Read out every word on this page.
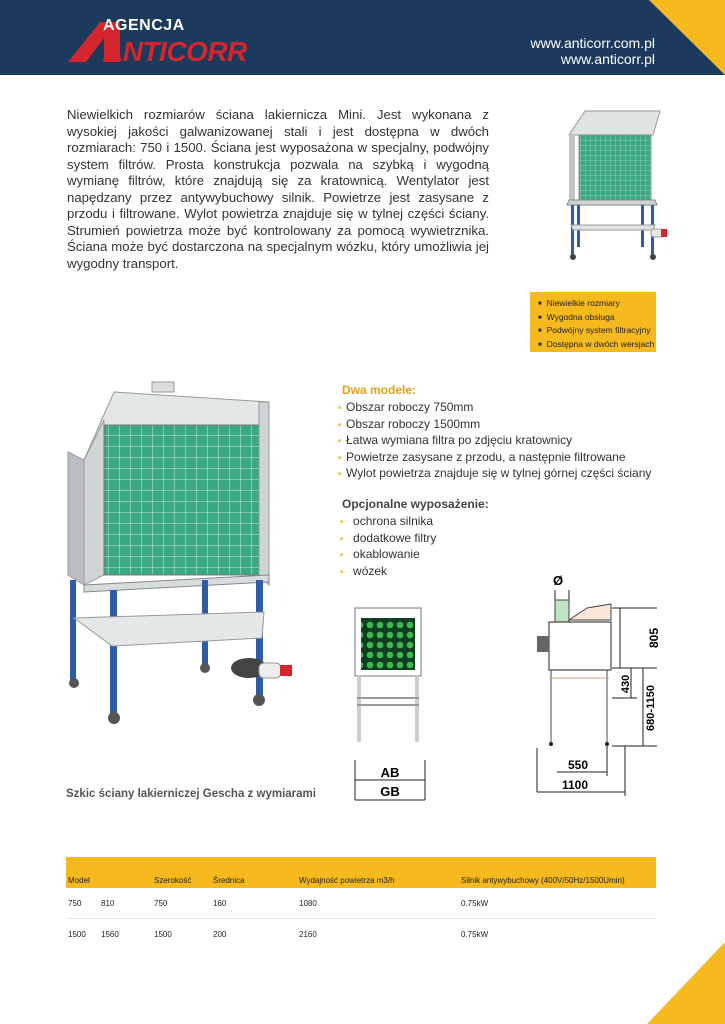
AGENCJA
ANTICORR	www.anticorr.com.pl
www.anticorr.pl
Niewielkich rozmiarów ściana lakiernicza Mini. Jest wykonana z wysokiej jakości galwanizowanej stali i jest dostępna w dwóch rozmiarach: 750 i 1500. Ściana jest wyposażona w specjalny, podwójny system filtrów. Prosta konstrukcja pozwala na szybką i wygodną wymianę filtrów, które znajdują się za kratownicą. Wentylator jest napędzany przez antywybuchowy silnik. Powietrze jest zasysane z przodu i filtrowane. Wylot powietrza znajduje się w tylnej części ściany. Strumień powietrza może być kontrolowany za pomocą wywietrznika. Ściana może być dostarczona na specjalnym wózku, który umożliwia jej wygodny transport.
■ Niewielkie rozmiary
■ Wygodna obsługa
■ Podwójny system filtracyjny
■ Dostępna w dwóch wersjach
Dwa modele:
■ Obszar roboczy 750mm
■ Obszar roboczy 1500mm
■ Łatwa wymiana filtra po zdjęciu kratownicy
■ Powietrze zasysane z przodu, a następnie filtrowane
■ Wylot powietrza znajduje się w tylnej górnej części ściany
Opcjonalne wyposażenie:
■ ochrona silnika
■ dodatkowe filtry
■ okablowanie
■ wózek
AB
GB
Ø
805
430
680-1150
550
1100
Szkic ściany lakierniczej Gescha z wymiarami
Model		Szerokość	Średnica	Wydajność powietrza m3/h	Silnik antywybuchowy (400V/50Hz/1500Umin)
750	810	750	160	1080	0.75kW
1500	1560	1500	200	2160	0.75kW
